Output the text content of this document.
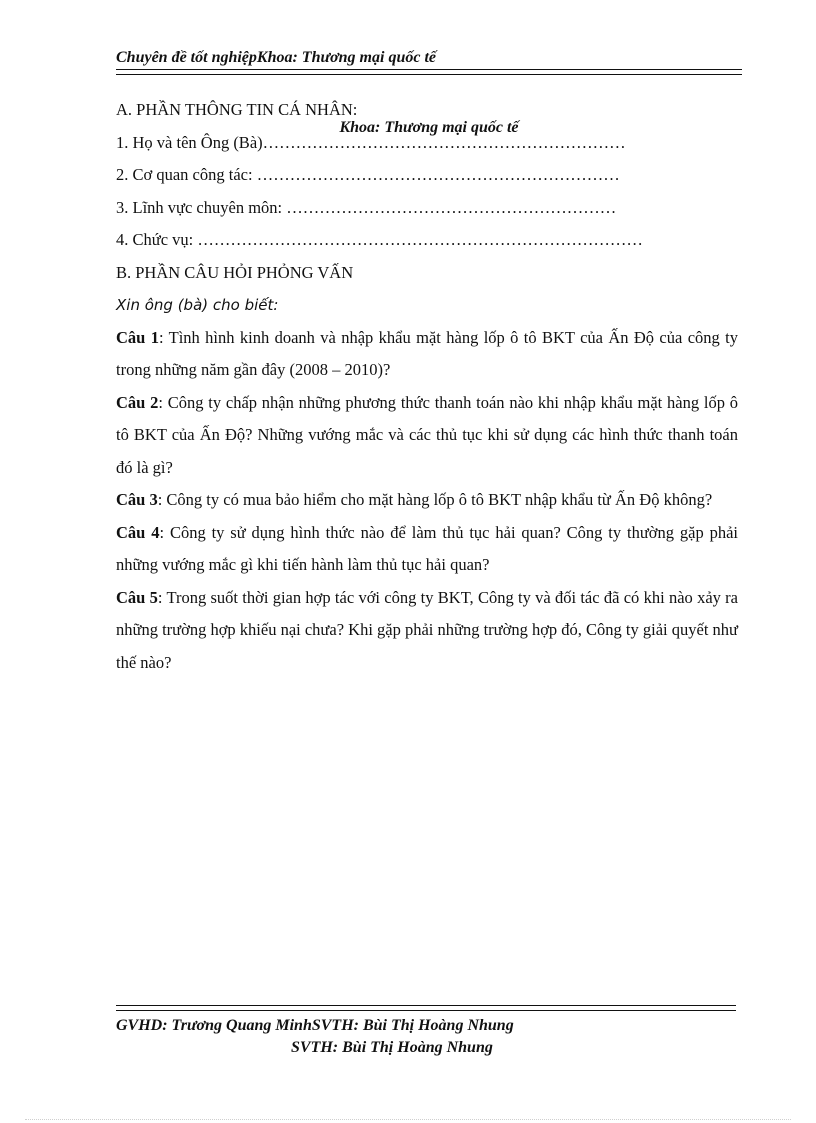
Chuyên đề tốt nghiệpKhoa: Thương mại quốc tế
Khoa: Thương mại quốc tế

A. PHẦN THÔNG TIN CÁ NHÂN:

1. Họ và tên Ông (Bà)…………………………………………………………

2. Cơ quan công tác: …………………………………………………………

3. Lĩnh vực chuyên môn: ……………………………………………………

4. Chức vụ: ………………………………………………………………………

B. PHẦN CÂU HỎI PHỎNG VẤN

Xin ông (bà) cho biết:

Câu 1: Tình hình kinh doanh và nhập khẩu mặt hàng lốp ô tô BKT của Ấn Độ của công ty trong những năm gần đây (2008 – 2010)?

Câu 2: Công ty chấp nhận những phương thức thanh toán nào khi nhập khẩu mặt hàng lốp ô tô BKT của Ấn Độ? Những vướng mắc và các thủ tục khi sử dụng các hình thức thanh toán đó là gì?

Câu 3: Công ty có mua bảo hiểm cho mặt hàng lốp ô tô BKT nhập khẩu từ Ấn Độ không?

Câu 4: Công ty sử dụng hình thức nào để làm thủ tục hải quan? Công ty thường gặp phải những vướng mắc gì khi tiến hành làm thủ tục hải quan?

Câu 5: Trong suốt thời gian hợp tác với công ty BKT, Công ty và đối tác đã có khi nào xảy ra những trường hợp khiếu nại chưa? Khi gặp phải những trường hợp đó, Công ty giải quyết như thế nào?

GVHD: Trương Quang MinhSVTH: Bùi Thị Hoàng Nhung
SVTH: Bùi Thị Hoàng Nhung
